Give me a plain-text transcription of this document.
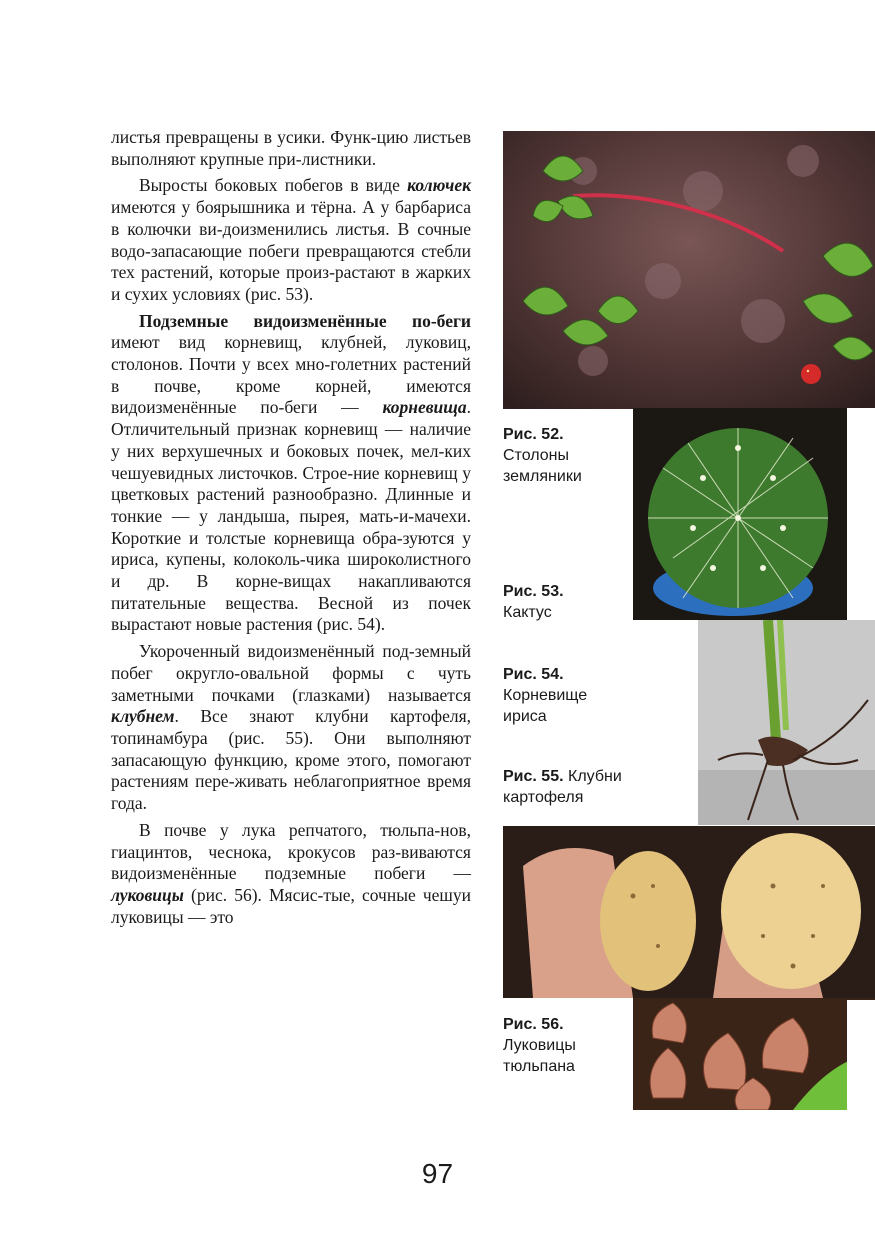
листья превращены в усики. Функ-цию листьев выполняют крупные при-листники.

Выросты боковых побегов в виде колючек имеются у боярышника и тёрна. А у барбариса в колючки ви-доизменились листья. В сочные водо-запасающие побеги превращаются стебли тех растений, которые произ-растают в жарких и сухих условиях (рис. 53).

Подземные видоизменённые по-беги имеют вид корневищ, клубней, луковиц, столонов. Почти у всех мно-голетних растений в почве, кроме корней, имеются видоизменённые по-беги — корневища. Отличительный признак корневищ — наличие у них верхушечных и боковых почек, мел-ких чешуевидных листочков. Строе-ние корневищ у цветковых растений разнообразно. Длинные и тонкие — у ландыша, пырея, мать-и-мачехи. Короткие и толстые корневища обра-зуются у ириса, купены, колоколь-чика широколистного и др. В корне-вищах накапливаются питательные вещества. Весной из почек вырастают новые растения (рис. 54).

Укороченный видоизменённый под-земный побег округло-овальной формы с чуть заметными почками (глазками) называется клубнем. Все знают клубни картофеля, топинамбура (рис. 55). Они выполняют запасающую функцию, кроме этого, помогают растениям пере-живать неблагоприятное время года.

В почве у лука репчатого, тюльпа-нов, гиацинтов, чеснока, крокусов раз-виваются видоизменённые подземные побеги — луковицы (рис. 56). Мясис-тые, сочные чешуи луковицы — это

Рис. 52.
Столоны
земляники
Рис. 53.
Кактус
Рис. 54.
Корневище
ириса
Рис. 55. Клубни
картофеля
Рис. 56.
Луковицы
тюльпана
97
